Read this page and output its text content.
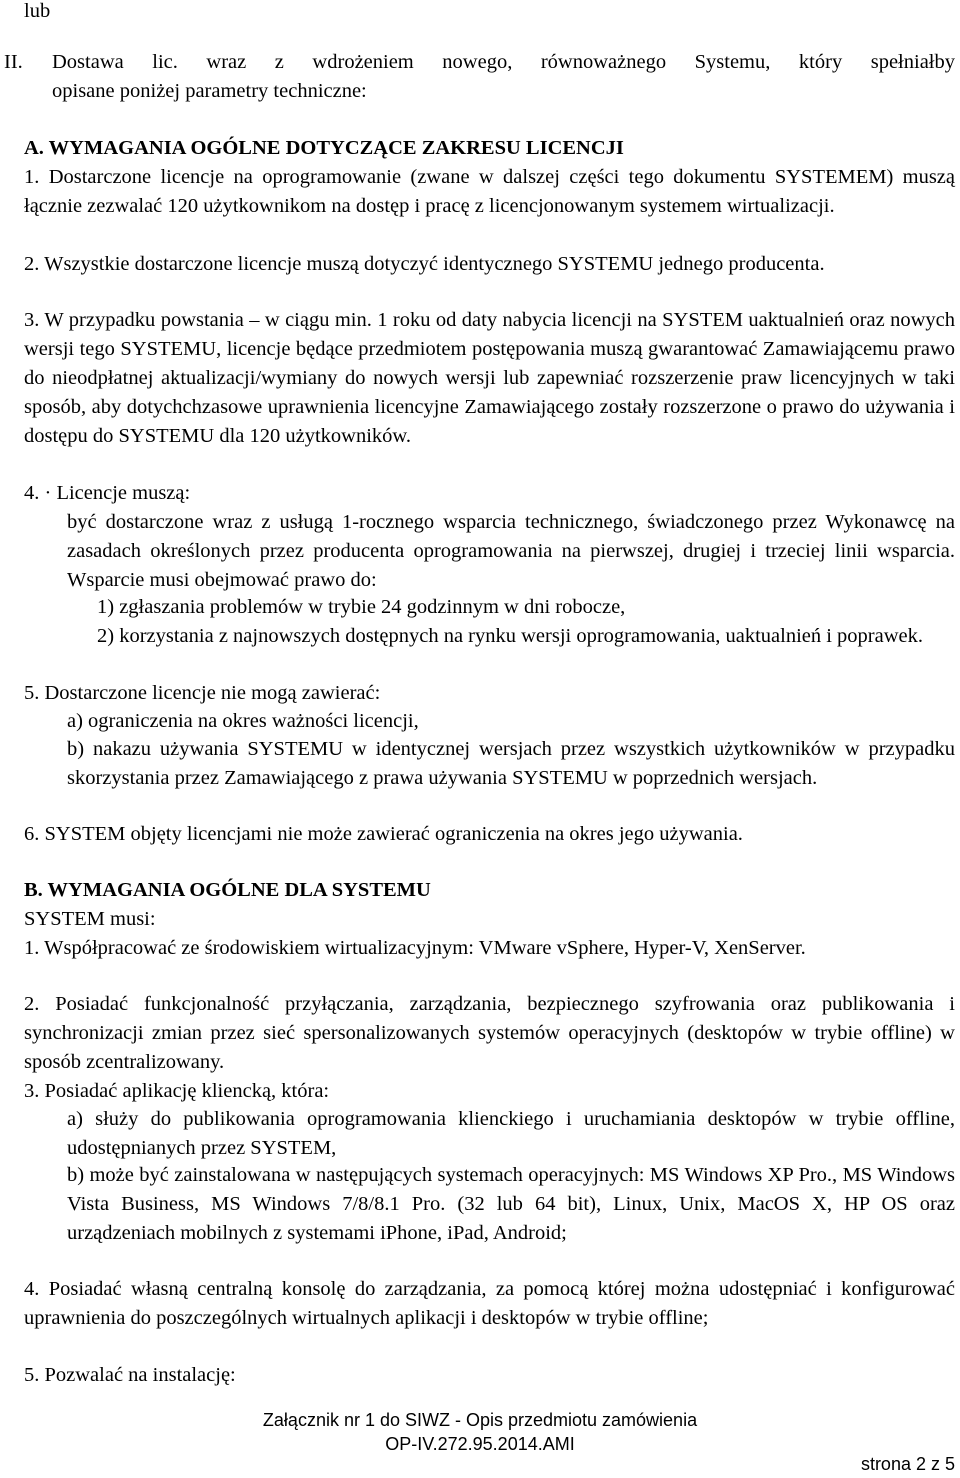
lub
II. Dostawa lic. wraz z wdrożeniem nowego, równoważnego Systemu, który spełniałby
opisane poniżej parametry techniczne:
A. WYMAGANIA OGÓLNE DOTYCZĄCE ZAKRESU LICENCJI
1. Dostarczone licencje na oprogramowanie (zwane w dalszej części tego dokumentu SYSTEMEM) muszą łącznie zezwalać 120 użytkownikom na dostęp i pracę z licencjonowanym systemem wirtualizacji.
2. Wszystkie dostarczone licencje muszą dotyczyć identycznego SYSTEMU jednego producenta.
3. W przypadku powstania – w ciągu min. 1 roku od daty nabycia licencji na SYSTEM uaktualnień oraz nowych wersji tego SYSTEMU, licencje będące przedmiotem postępowania muszą gwarantować Zamawiającemu prawo do nieodpłatnej aktualizacji/wymiany do nowych wersji lub zapewniać rozszerzenie praw licencyjnych w taki sposób, aby dotychchzasowe uprawnienia licencyjne Zamawiającego zostały rozszerzone o prawo do używania i dostępu do SYSTEMU dla 120 użytkowników.
4. · Licencje muszą:
być dostarczone wraz z usługą 1-rocznego wsparcia technicznego, świadczonego przez Wykonawcę na zasadach określonych przez producenta oprogramowania na pierwszej, drugiej i trzeciej linii wsparcia. Wsparcie musi obejmować prawo do:
1) zgłaszania problemów w trybie 24 godzinnym w dni robocze,
2) korzystania z najnowszych dostępnych na rynku wersji oprogramowania, uaktualnień i poprawek.
5. Dostarczone licencje nie mogą zawierać:
a) ograniczenia na okres ważności licencji,
b) nakazu używania SYSTEMU w identycznej wersjach przez wszystkich użytkowników w przypadku skorzystania przez Zamawiającego z prawa używania SYSTEMU w poprzednich wersjach.
6. SYSTEM objęty licencjami nie może zawierać ograniczenia na okres jego używania.
B. WYMAGANIA OGÓLNE DLA SYSTEMU
SYSTEM musi:
1. Współpracować ze środowiskiem wirtualizacyjnym: VMware vSphere, Hyper-V, XenServer.
2. Posiadać funkcjonalność przyłączania, zarządzania, bezpiecznego szyfrowania oraz publikowania i synchronizacji zmian przez sieć spersonalizowanych systemów operacyjnych (desktopów w trybie offline) w sposób zcentralizowany.
3. Posiadać aplikację kliencką, która:
a) służy do publikowania oprogramowania klienckiego i uruchamiania desktopów w trybie offline, udostępnianych przez SYSTEM,
b) może być zainstalowana w następujących systemach operacyjnych: MS Windows XP Pro., MS Windows Vista Business, MS Windows 7/8/8.1 Pro. (32 lub 64 bit), Linux, Unix, MacOS X, HP OS oraz urządzeniach mobilnych z systemami iPhone, iPad, Android;
4. Posiadać własną centralną konsolę do zarządzania, za pomocą której można udostępniać i konfigurować uprawnienia do poszczególnych wirtualnych aplikacji i desktopów w trybie offline;
5. Pozwalać na instalację:
Załącznik nr 1 do SIWZ - Opis przedmiotu zamówienia
OP-IV.272.95.2014.AMI
strona 2 z 5
